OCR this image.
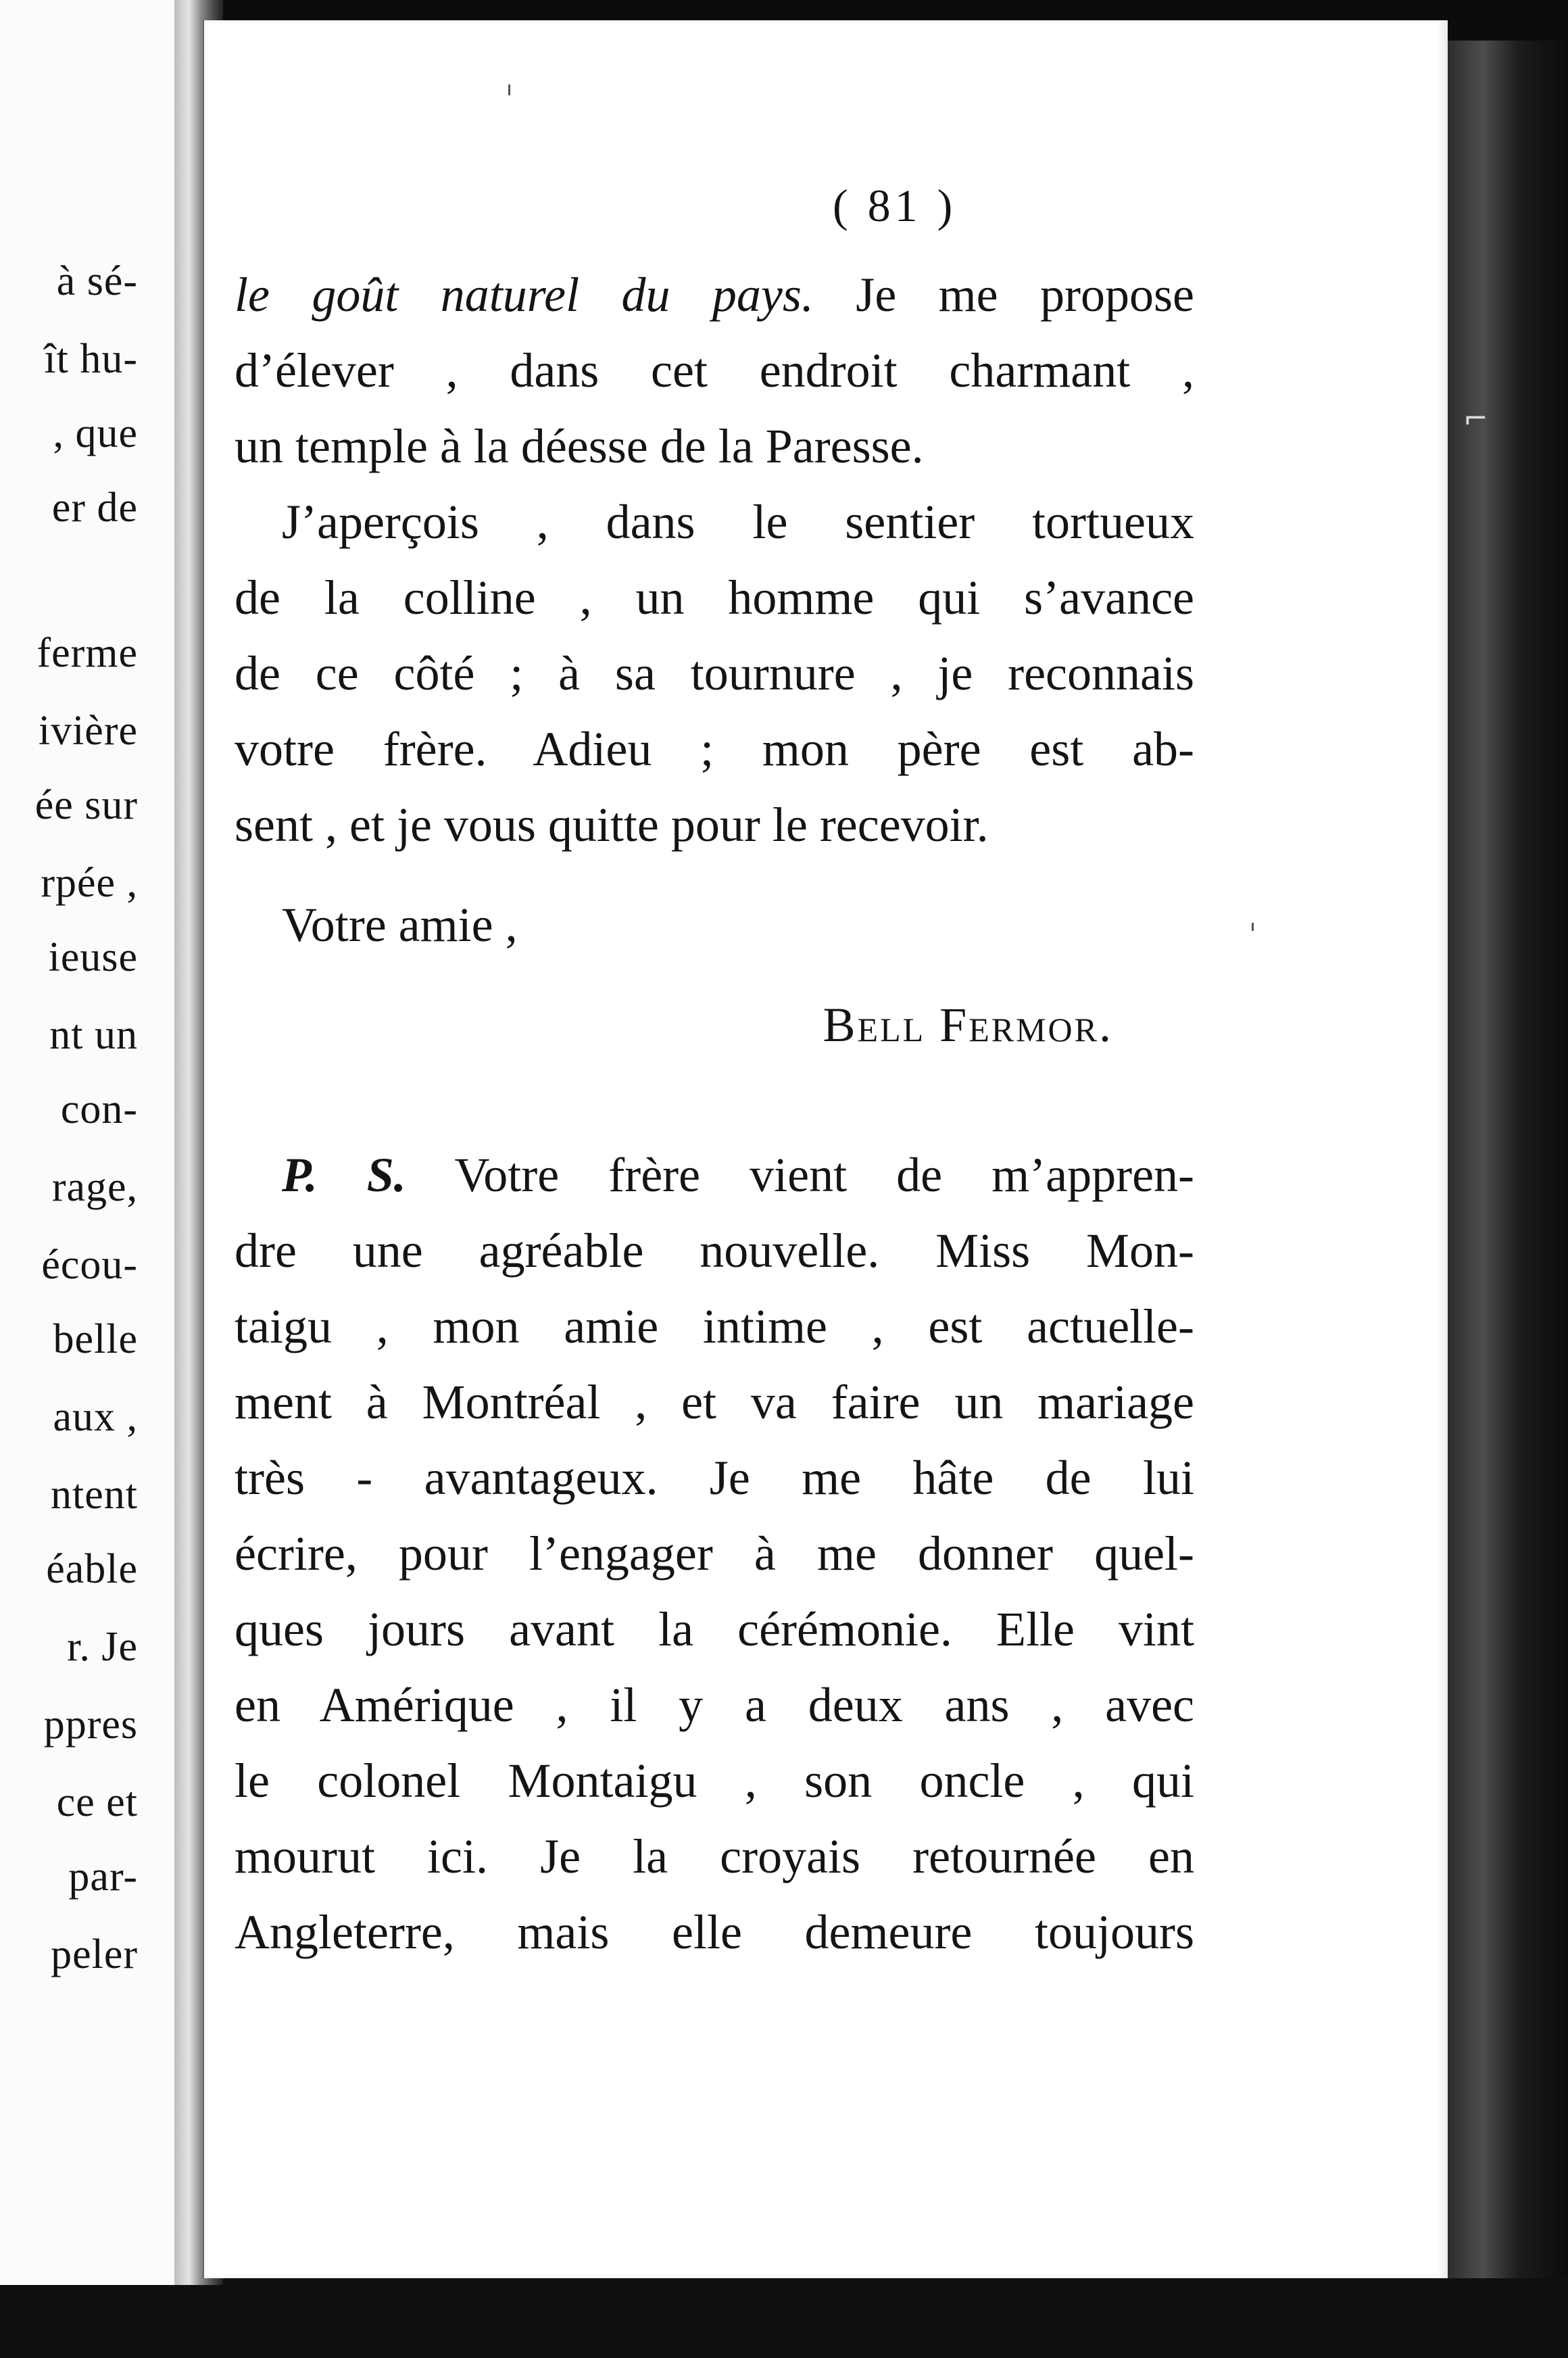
à sé-
ît hu-
, que
er de
ferme
ivière
ée sur
rpée ,
ieuse
nt un
con-
rage,
écou-
belle
aux ,
ntent
éable
r. Je
ppres
ce et
par-
peler
( 81 )
le goût naturel du pays. Je me propose
d’élever , dans cet endroit charmant ,
un temple à la déesse de la Paresse.
J’aperçois , dans le sentier tortueux
de la colline , un homme qui s’avance
de ce côté ; à sa tournure , je reconnais
votre frère. Adieu ; mon père est ab-
sent , et je vous quitte pour le recevoir.
Votre amie ,
Bell Fermor.
P. S. Votre frère vient de m’appren-
dre une agréable nouvelle. Miss Mon-
taigu , mon amie intime , est actuelle-
ment à Montréal , et va faire un mariage
très - avantageux. Je me hâte de lui
écrire, pour l’engager à me donner quel-
ques jours avant la cérémonie. Elle vint
en Amérique , il y a deux ans , avec
le colonel Montaigu , son oncle , qui
mourut ici. Je la croyais retournée en
Angleterre, mais elle demeure toujours
⌐
